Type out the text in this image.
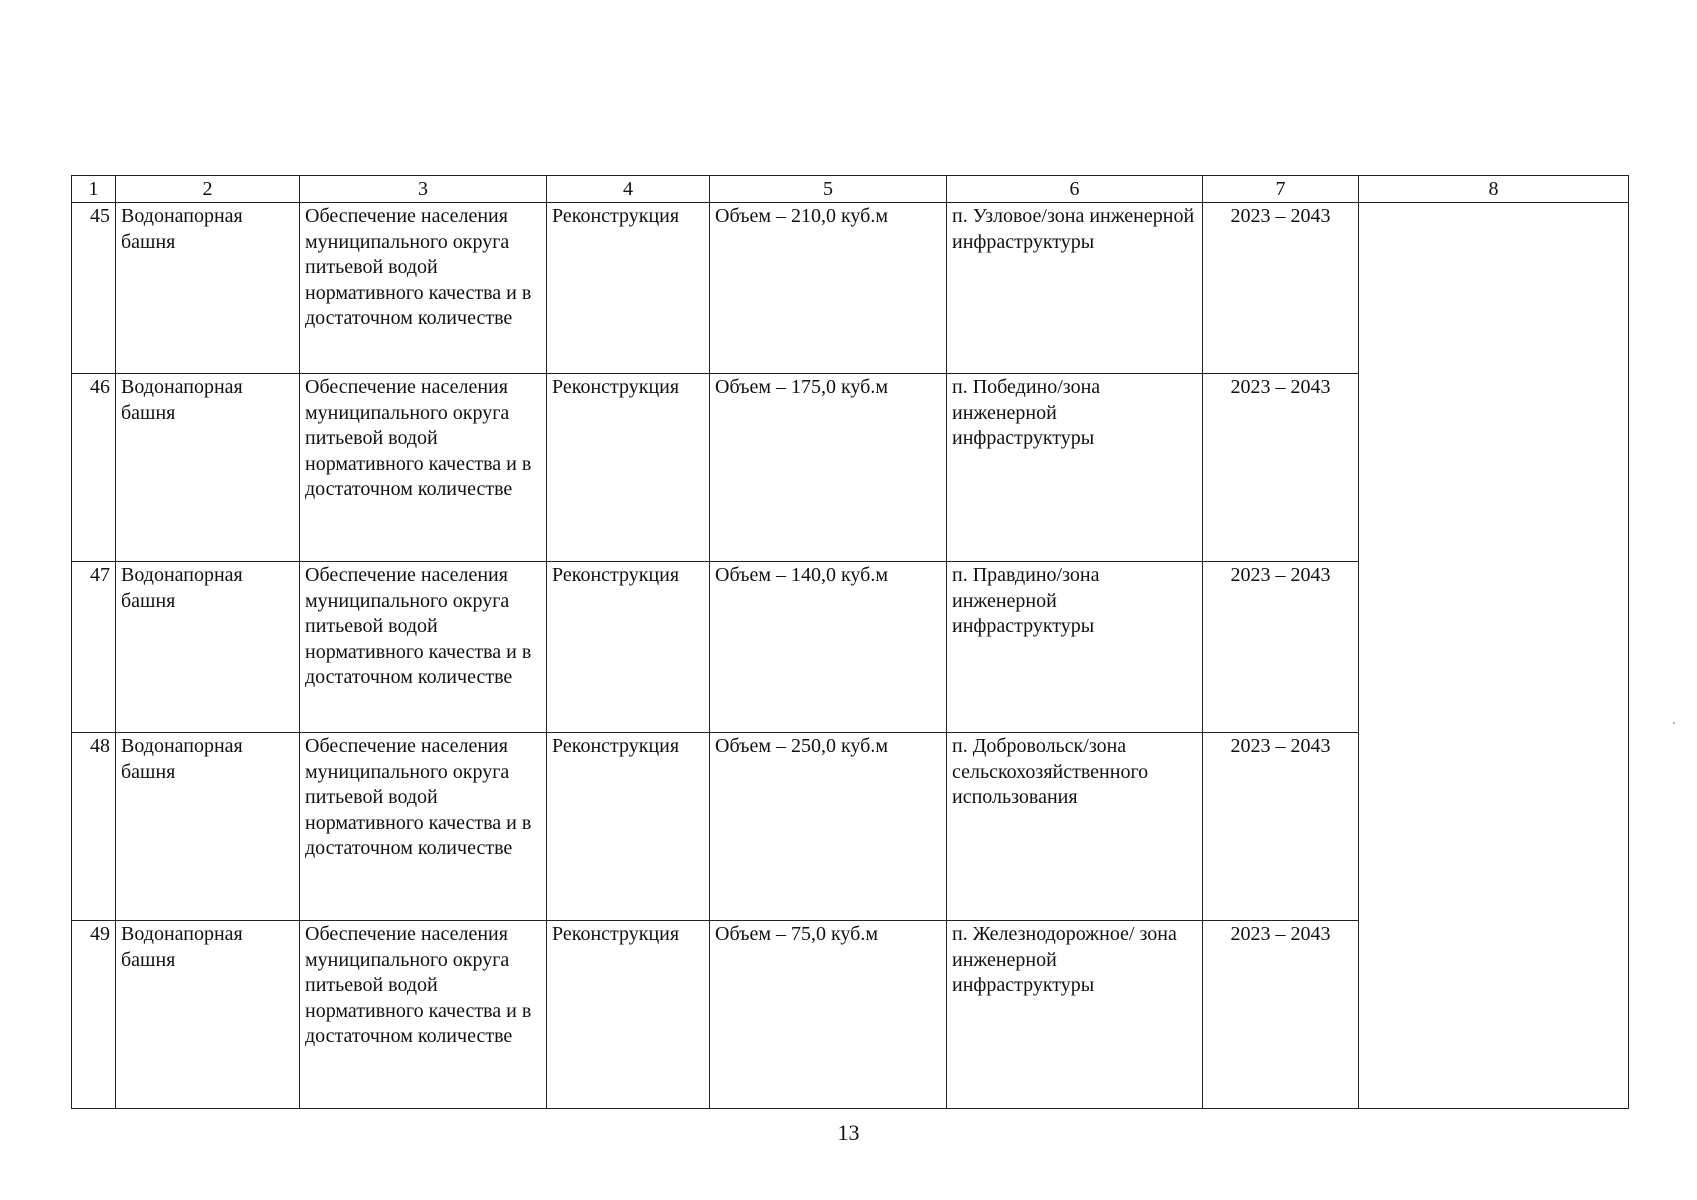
1	2	3	4	5	6	7	8
45	Водонапорная башня	Обеспечение населения муниципального округа питьевой водой нормативного качества и в достаточном количестве	Реконструкция	Объем – 210,0 куб.м	п. Узловое/зона инженерной инфраструктуры	2023 – 2043	
46	Водонапорная башня	Обеспечение населения муниципального округа питьевой водой нормативного качества и в достаточном количестве	Реконструкция	Объем – 175,0 куб.м	п. Победино/зона инженерной инфраструктуры	2023 – 2043	
47	Водонапорная башня	Обеспечение населения муниципального округа питьевой водой нормативного качества и в достаточном количестве	Реконструкция	Объем – 140,0 куб.м	п. Правдино/зона инженерной инфраструктуры	2023 – 2043	
48	Водонапорная башня	Обеспечение населения муниципального округа питьевой водой нормативного качества и в достаточном количестве	Реконструкция	Объем – 250,0 куб.м	п. Добровольск/зона сельскохозяйственного использования	2023 – 2043	
49	Водонапорная башня	Обеспечение населения муниципального округа питьевой водой нормативного качества и в достаточном количестве	Реконструкция	Объем – 75,0 куб.м	п. Железнодорожное/ зона инженерной инфраструктуры	2023 – 2043	
13
